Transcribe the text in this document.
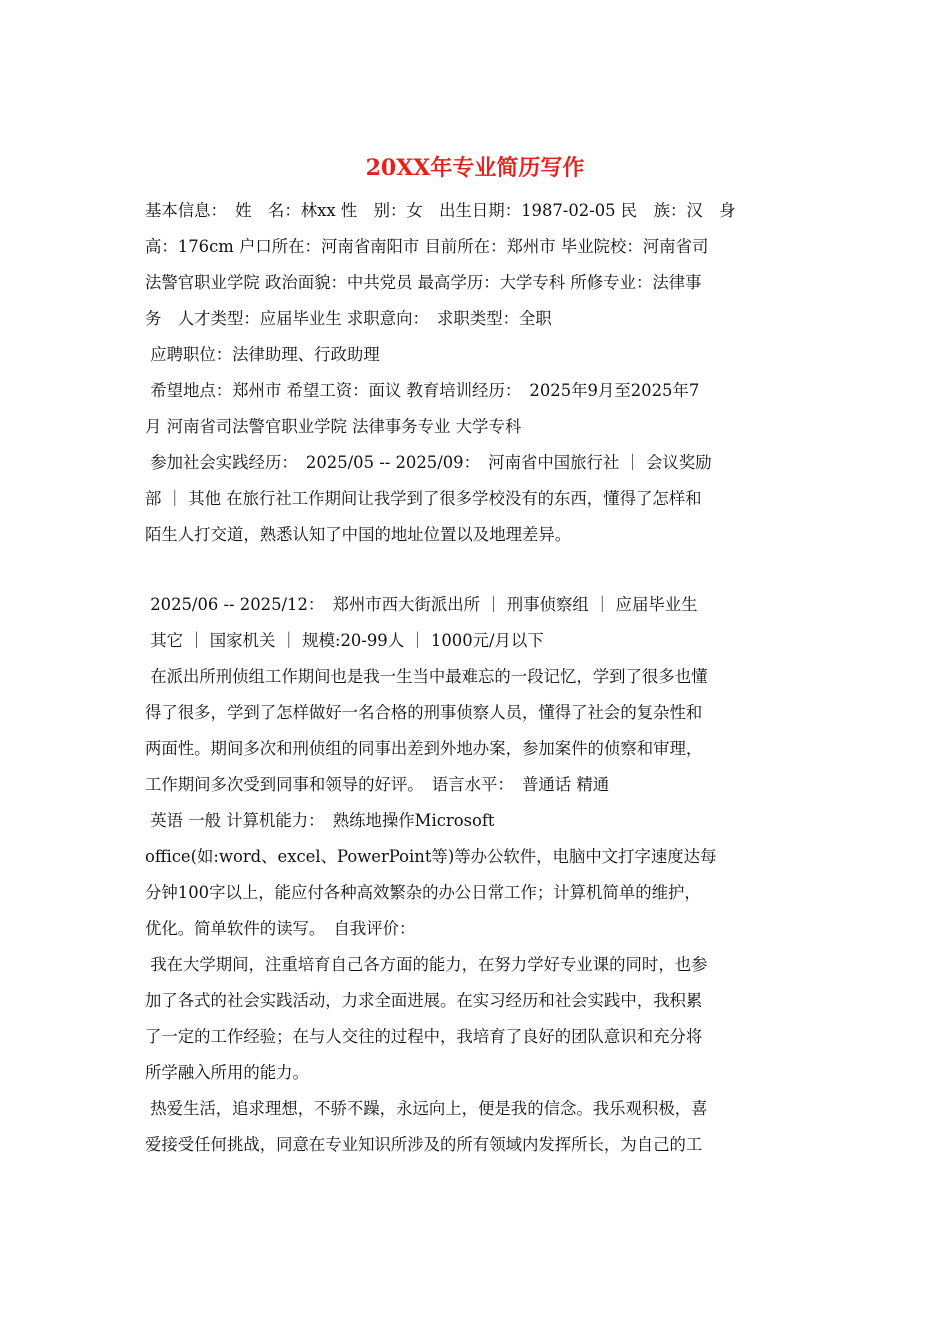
20XX年专业简历写作
基本信息：　姓　名：林xx 性　别：女　出生日期：1987-02-05 民　族：汉　身
高：176cm 户口所在：河南省南阳市 目前所在：郑州市 毕业院校：河南省司
法警官职业学院 政治面貌：中共党员 最高学历：大学专科 所修专业：法律事
务　人才类型：应届毕业生 求职意向：　求职类型：全职
应聘职位：法律助理、行政助理
希望地点：郑州市 希望工资：面议 教育培训经历：　2025年9月至2025年7
月 河南省司法警官职业学院 法律事务专业 大学专科
参加社会实践经历：　2025/05 -- 2025/09：　河南省中国旅行社 ｜ 会议奖励
部 ｜ 其他 在旅行社工作期间让我学到了很多学校没有的东西，懂得了怎样和
陌生人打交道，熟悉认知了中国的地址位置以及地理差异。
2025/06 -- 2025/12：　郑州市西大街派出所 ｜ 刑事侦察组 ｜ 应届毕业生
其它 ｜ 国家机关 ｜ 规模:20-99人 ｜ 1000元/月以下
在派出所刑侦组工作期间也是我一生当中最难忘的一段记忆，学到了很多也懂
得了很多，学到了怎样做好一名合格的刑事侦察人员，懂得了社会的复杂性和
两面性。期间多次和刑侦组的同事出差到外地办案，参加案件的侦察和审理，
工作期间多次受到同事和领导的好评。　语言水平：　普通话 精通
英语 一般 计算机能力：　熟练地操作Microsoft
office(如:word、excel、PowerPoint等)等办公软件，电脑中文打字速度达每
分钟100字以上，能应付各种高效繁杂的办公日常工作；计算机简单的维护，
优化。简单软件的读写。　自我评价：
我在大学期间，注重培育自己各方面的能力，在努力学好专业课的同时，也参
加了各式的社会实践活动，力求全面进展。在实习经历和社会实践中，我积累
了一定的工作经验；在与人交往的过程中，我培育了良好的团队意识和充分将
所学融入所用的能力。
热爱生活，追求理想，不骄不躁，永远向上，便是我的信念。我乐观积极，喜
爱接受任何挑战，同意在专业知识所涉及的所有领域内发挥所长，为自己的工
